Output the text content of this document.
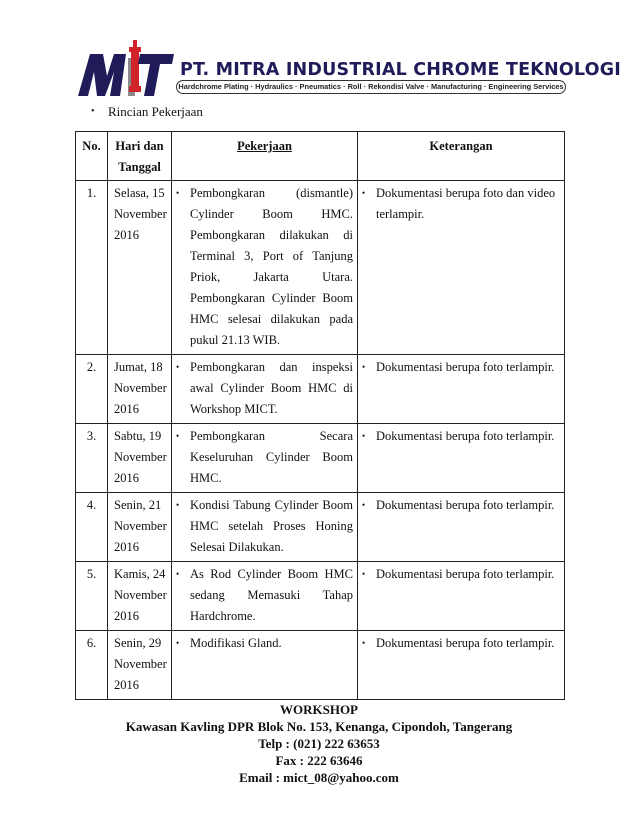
PT. MITRA INDUSTRIAL CHROME TEKNOLOGI
Hardchrome Plating · Hydraulics · Pneumatics · Roll · Rekondisi Valve · Manufacturing · Engineering Services
• Rincian Pekerjaan
No.	Hari dan Tanggal	Pekerjaan	Keterangan
1.	Selasa, 15 November 2016	• Pembongkaran (dismantle) Cylinder Boom HMC. Pembongkaran dilakukan di Terminal 3, Port of Tanjung Priok, Jakarta Utara. Pembongkaran Cylinder Boom HMC selesai dilakukan pada pukul 21.13 WIB.	• Dokumentasi berupa foto dan video terlampir.

2.	Jumat, 18 November 2016	• Pembongkaran dan inspeksi awal Cylinder Boom HMC di Workshop MICT.	• Dokumentasi berupa foto terlampir.

3.	Sabtu, 19 November 2016	• Pembongkaran Secara Keseluruhan Cylinder Boom HMC.	• Dokumentasi berupa foto terlampir.

4.	Senin, 21 November 2016	• Kondisi Tabung Cylinder Boom HMC setelah Proses Honing Selesai Dilakukan.	• Dokumentasi berupa foto terlampir.

5.	Kamis, 24 November 2016	• As Rod Cylinder Boom HMC sedang Memasuki Tahap Hardchrome.	• Dokumentasi berupa foto terlampir.

6.	Senin, 29 November 2016	• Modifikasi Gland.	• Dokumentasi berupa foto terlampir.
WORKSHOP
Kawasan Kavling DPR Blok No. 153, Kenanga, Cipondoh, Tangerang
Telp : (021) 222 63653
Fax : 222 63646
Email : mict_08@yahoo.com
